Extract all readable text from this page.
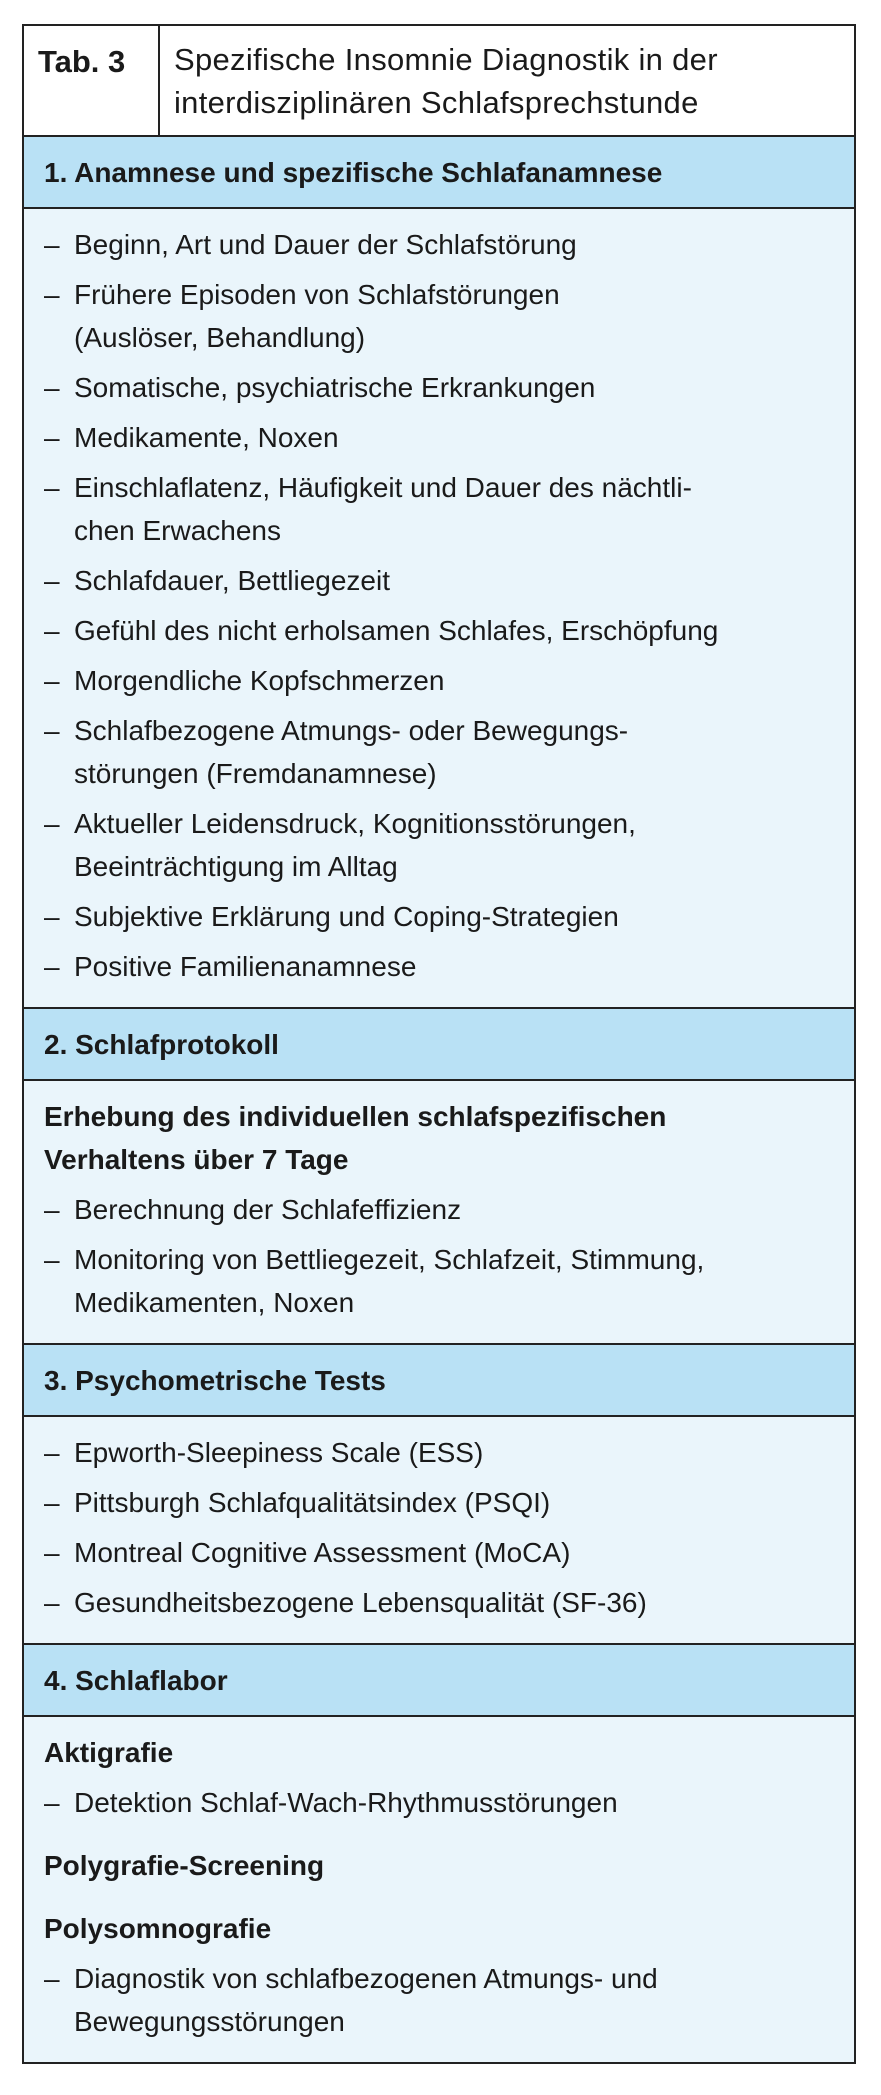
Tab. 3	Spezifische Insomnie Diagnostik in der
interdisziplinären Schlafsprechstunde
1. Anamnese und spezifische Schlafanamnese
– Beginn, Art und Dauer der Schlafstörung
– Frühere Episoden von Schlafstörungen
(Auslöser, Behandlung)
– Somatische, psychiatrische Erkrankungen
– Medikamente, Noxen
– Einschlaflatenz, Häufigkeit und Dauer des nächtli-
chen Erwachens
– Schlafdauer, Bettliegezeit
– Gefühl des nicht erholsamen Schlafes, Erschöpfung
– Morgendliche Kopfschmerzen
– Schlafbezogene Atmungs- oder Bewegungs-
störungen (Fremdanamnese)
– Aktueller Leidensdruck, Kognitionsstörungen,
Beeinträchtigung im Alltag
– Subjektive Erklärung und Coping-Strategien
– Positive Familienanamnese
2. Schlafprotokoll
Erhebung des individuellen schlafspezifischen
Verhaltens über 7 Tage
– Berechnung der Schlafeffizienz
– Monitoring von Bettliegezeit, Schlafzeit, Stimmung,
Medikamenten, Noxen
3. Psychometrische Tests
– Epworth-Sleepiness Scale (ESS)
– Pittsburgh Schlafqualitätsindex (PSQI)
– Montreal Cognitive Assessment (MoCA)
– Gesundheitsbezogene Lebensqualität (SF-36)
4. Schlaflabor
Aktigrafie
– Detektion Schlaf-Wach-Rhythmusstörungen
Polygrafie-Screening
Polysomnografie
– Diagnostik von schlafbezogenen Atmungs- und
Bewegungsstörungen
